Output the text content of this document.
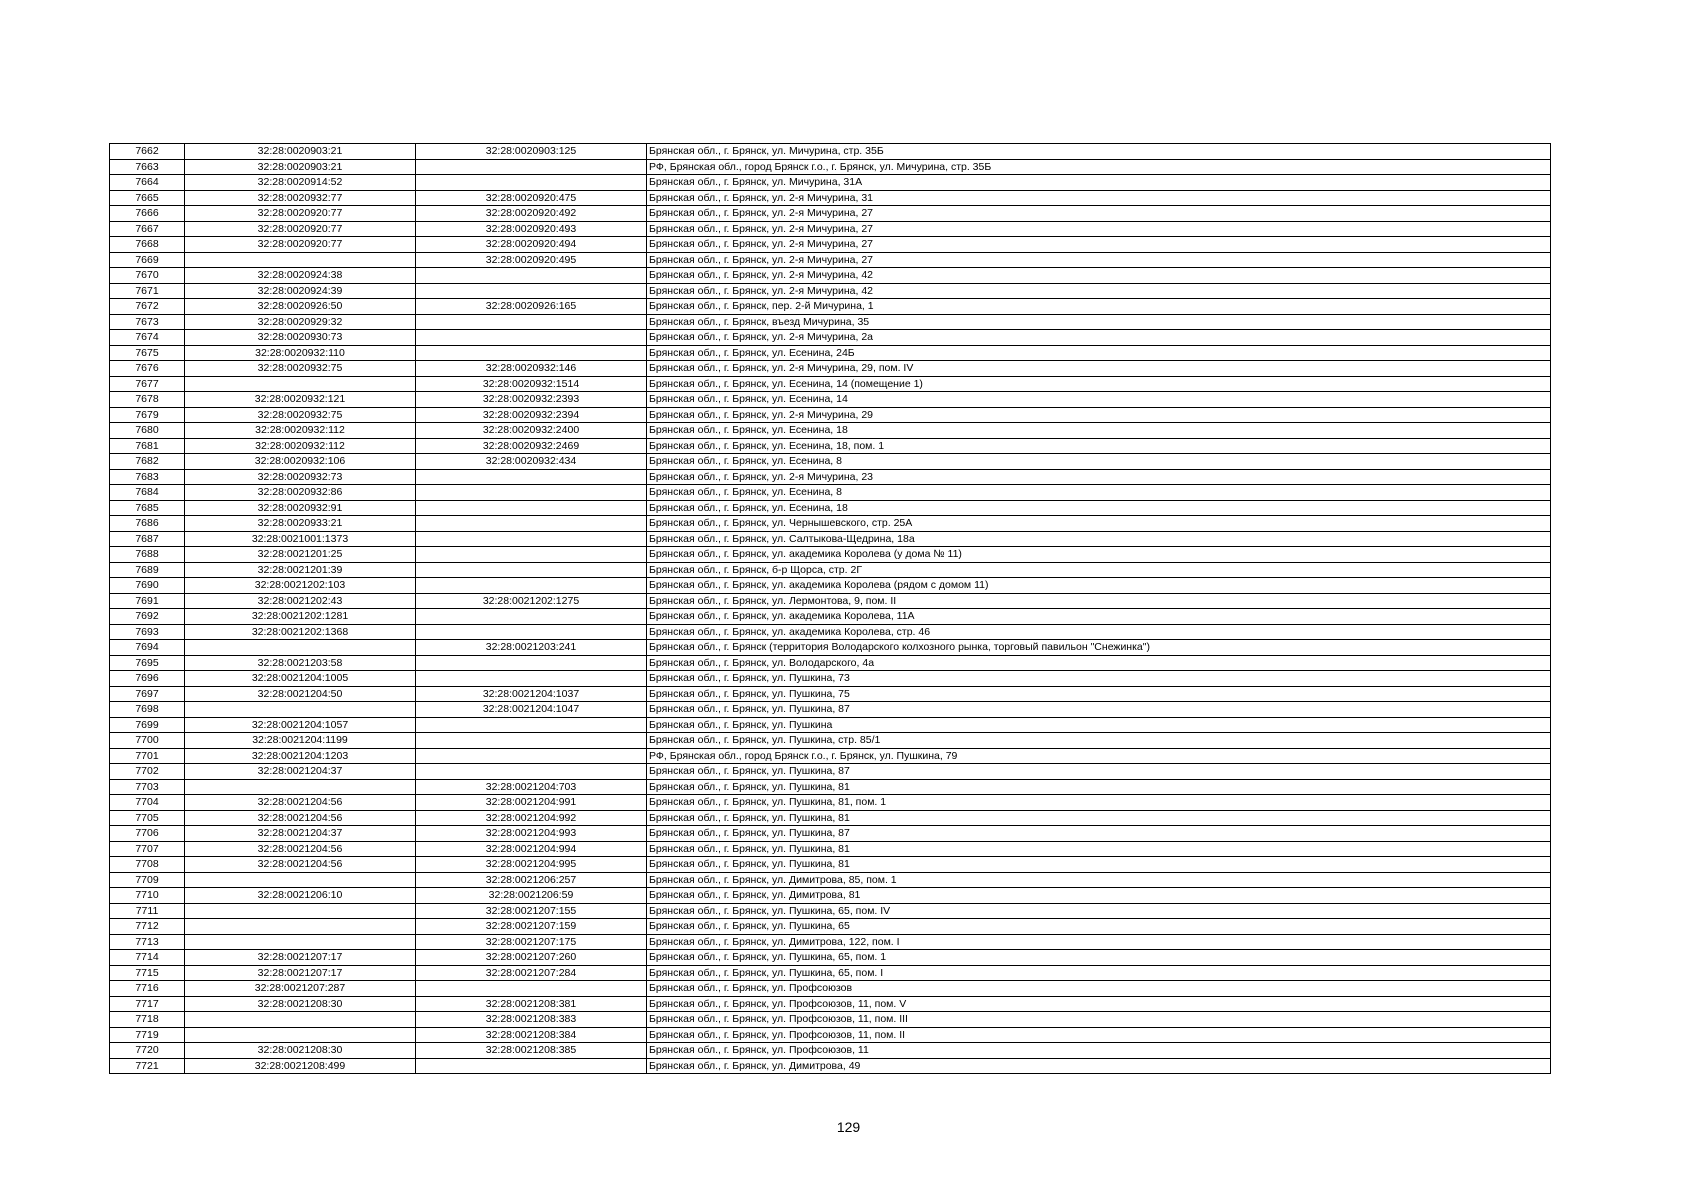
7662	32:28:0020903:21	32:28:0020903:125	Брянская обл., г. Брянск, ул. Мичурина, стр. 35Б
7663	32:28:0020903:21		РФ, Брянская обл., город Брянск г.о., г. Брянск, ул. Мичурина, стр. 35Б
7664	32:28:0020914:52		Брянская обл., г. Брянск, ул. Мичурина, 31А
7665	32:28:0020932:77	32:28:0020920:475	Брянская обл., г. Брянск, ул. 2-я Мичурина, 31
7666	32:28:0020920:77	32:28:0020920:492	Брянская обл., г. Брянск, ул. 2-я Мичурина, 27
7667	32:28:0020920:77	32:28:0020920:493	Брянская обл., г. Брянск, ул. 2-я Мичурина, 27
7668	32:28:0020920:77	32:28:0020920:494	Брянская обл., г. Брянск, ул. 2-я Мичурина, 27
7669		32:28:0020920:495	Брянская обл., г. Брянск, ул. 2-я Мичурина, 27
7670	32:28:0020924:38		Брянская обл., г. Брянск, ул. 2-я Мичурина, 42
7671	32:28:0020924:39		Брянская обл., г. Брянск, ул. 2-я Мичурина, 42
7672	32:28:0020926:50	32:28:0020926:165	Брянская обл., г. Брянск, пер. 2-й Мичурина, 1
7673	32:28:0020929:32		Брянская обл., г. Брянск, въезд Мичурина, 35
7674	32:28:0020930:73		Брянская обл., г. Брянск, ул. 2-я Мичурина, 2а
7675	32:28:0020932:110		Брянская обл., г. Брянск, ул. Есенина, 24Б
7676	32:28:0020932:75	32:28:0020932:146	Брянская обл., г. Брянск, ул. 2-я Мичурина, 29, пом. IV
7677		32:28:0020932:1514	Брянская обл., г. Брянск, ул. Есенина, 14 (помещение 1)
7678	32:28:0020932:121	32:28:0020932:2393	Брянская обл., г. Брянск, ул. Есенина, 14
7679	32:28:0020932:75	32:28:0020932:2394	Брянская обл., г. Брянск, ул. 2-я Мичурина, 29
7680	32:28:0020932:112	32:28:0020932:2400	Брянская обл., г. Брянск, ул. Есенина, 18
7681	32:28:0020932:112	32:28:0020932:2469	Брянская обл., г. Брянск, ул. Есенина, 18, пом. 1
7682	32:28:0020932:106	32:28:0020932:434	Брянская обл., г. Брянск, ул. Есенина, 8
7683	32:28:0020932:73		Брянская обл., г. Брянск, ул. 2-я Мичурина, 23
7684	32:28:0020932:86		Брянская обл., г. Брянск, ул. Есенина, 8
7685	32:28:0020932:91		Брянская обл., г. Брянск, ул. Есенина, 18
7686	32:28:0020933:21		Брянская обл., г. Брянск, ул. Чернышевского, стр. 25А
7687	32:28:0021001:1373		Брянская обл., г. Брянск, ул. Салтыкова-Щедрина, 18а
7688	32:28:0021201:25		Брянская обл., г. Брянск, ул. академика Королева (у дома № 11)
7689	32:28:0021201:39		Брянская обл., г. Брянск, б-р Щорса, стр. 2Г
7690	32:28:0021202:103		Брянская обл., г. Брянск, ул. академика Королева (рядом с домом 11)
7691	32:28:0021202:43	32:28:0021202:1275	Брянская обл., г. Брянск, ул. Лермонтова, 9, пом. II
7692	32:28:0021202:1281		Брянская обл., г. Брянск, ул. академика Королева, 11А
7693	32:28:0021202:1368		Брянская обл., г. Брянск, ул. академика Королева, стр. 46
7694		32:28:0021203:241	Брянская обл., г. Брянск (территория Володарского колхозного рынка, торговый павильон "Снежинка")
7695	32:28:0021203:58		Брянская обл., г. Брянск, ул. Володарского, 4а
7696	32:28:0021204:1005		Брянская обл., г. Брянск, ул. Пушкина, 73
7697	32:28:0021204:50	32:28:0021204:1037	Брянская обл., г. Брянск, ул. Пушкина, 75
7698		32:28:0021204:1047	Брянская обл., г. Брянск, ул. Пушкина, 87
7699	32:28:0021204:1057		Брянская обл., г. Брянск, ул. Пушкина
7700	32:28:0021204:1199		Брянская обл., г. Брянск, ул. Пушкина, стр. 85/1
7701	32:28:0021204:1203		РФ, Брянская обл., город Брянск г.о., г. Брянск, ул. Пушкина, 79
7702	32:28:0021204:37		Брянская обл., г. Брянск, ул. Пушкина, 87
7703		32:28:0021204:703	Брянская обл., г. Брянск, ул. Пушкина, 81
7704	32:28:0021204:56	32:28:0021204:991	Брянская обл., г. Брянск, ул. Пушкина, 81, пом. 1
7705	32:28:0021204:56	32:28:0021204:992	Брянская обл., г. Брянск, ул. Пушкина, 81
7706	32:28:0021204:37	32:28:0021204:993	Брянская обл., г. Брянск, ул. Пушкина, 87
7707	32:28:0021204:56	32:28:0021204:994	Брянская обл., г. Брянск, ул. Пушкина, 81
7708	32:28:0021204:56	32:28:0021204:995	Брянская обл., г. Брянск, ул. Пушкина, 81
7709		32:28:0021206:257	Брянская обл., г. Брянск, ул. Димитрова, 85, пом. 1
7710	32:28:0021206:10	32:28:0021206:59	Брянская обл., г. Брянск, ул. Димитрова, 81
7711		32:28:0021207:155	Брянская обл., г. Брянск, ул. Пушкина, 65, пом. IV
7712		32:28:0021207:159	Брянская обл., г. Брянск, ул. Пушкина, 65
7713		32:28:0021207:175	Брянская обл., г. Брянск, ул. Димитрова, 122, пом. I
7714	32:28:0021207:17	32:28:0021207:260	Брянская обл., г. Брянск, ул. Пушкина, 65, пом. 1
7715	32:28:0021207:17	32:28:0021207:284	Брянская обл., г. Брянск, ул. Пушкина, 65, пом. I
7716	32:28:0021207:287		Брянская обл., г. Брянск, ул. Профсоюзов
7717	32:28:0021208:30	32:28:0021208:381	Брянская обл., г. Брянск, ул. Профсоюзов, 11, пом. V
7718		32:28:0021208:383	Брянская обл., г. Брянск, ул. Профсоюзов, 11, пом. III
7719		32:28:0021208:384	Брянская обл., г. Брянск, ул. Профсоюзов, 11, пом. II
7720	32:28:0021208:30	32:28:0021208:385	Брянская обл., г. Брянск, ул. Профсоюзов, 11
7721	32:28:0021208:499		Брянская обл., г. Брянск, ул. Димитрова, 49
129
